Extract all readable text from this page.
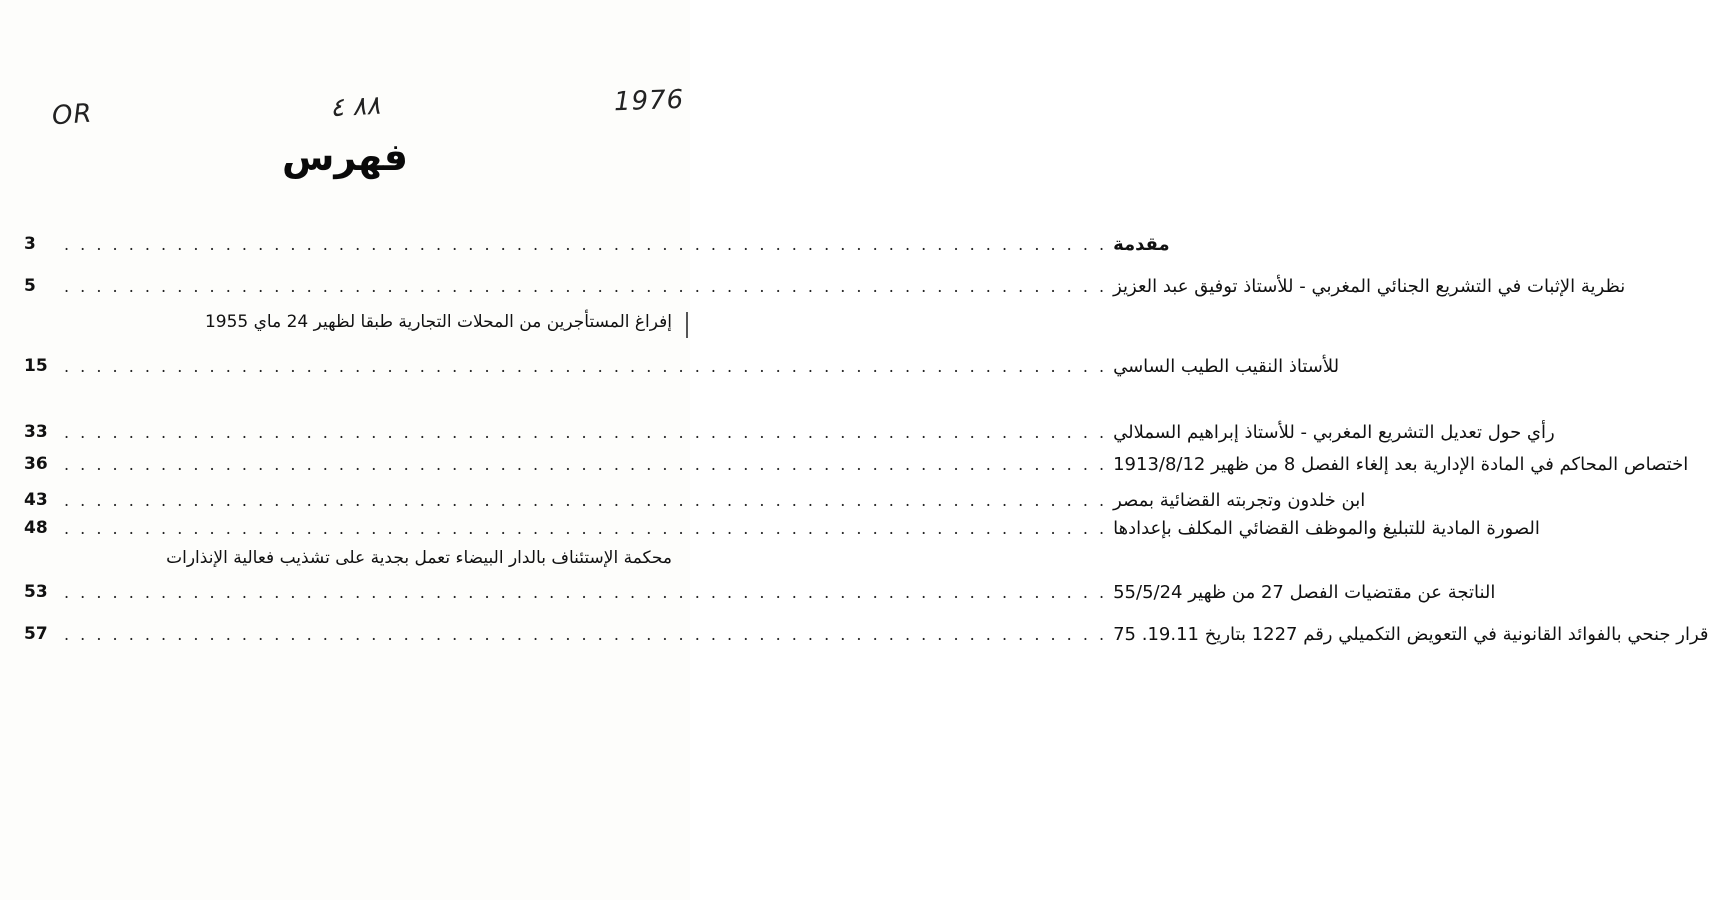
OR	٨٨ ٤	1976
فهرس
3	. . . . . . . . . . . . . . . . . . . . . . . . . . . . . . . . . . . . . . . . . . . . . . . . . . . . . . . . . . . . . . . . . مقدمة
5	. . . . . . . . . . . . . . . . . . . . . . . . . . . . . . . . . . . . . . . . . . . . . . . . . . . . . . . . . . . . . . . . . نظرية الإثبات في التشريع الجنائي المغربي - للأستاذ توفيق عبد العزيز
إفراغ المستأجرين من المحلات التجارية طبقا لظهير 24 ماي 1955
15	. . . . . . . . . . . . . . . . . . . . . . . . . . . . . . . . . . . . . . . . . . . . . . . . . . . . . . . . . . . . . . . . . للأستاذ النقيب الطيب الساسي
33	. . . . . . . . . . . . . . . . . . . . . . . . . . . . . . . . . . . . . . . . . . . . . . . . . . . . . . . . . . . . . . . . . رأي حول تعديل التشريع المغربي - للأستاذ إبراهيم السملالي
36	. . . . . . . . . . . . . . . . . . . . . . . . . . . . . . . . . . . . . . . . . . . . . . . . . . . . . . . . . . . . . . . . . اختصاص المحاكم في المادة الإدارية بعد إلغاء الفصل 8 من ظهير 1913/8/12
43	. . . . . . . . . . . . . . . . . . . . . . . . . . . . . . . . . . . . . . . . . . . . . . . . . . . . . . . . . . . . . . . . . ابن خلدون وتجربته القضائية بمصر
48	. . . . . . . . . . . . . . . . . . . . . . . . . . . . . . . . . . . . . . . . . . . . . . . . . . . . . . . . . . . . . . . . . الصورة المادية للتبليغ والموظف القضائي المكلف بإعدادها
محكمة الإستئناف بالدار البيضاء تعمل بجدية على تشذيب فعالية الإنذارات
53	. . . . . . . . . . . . . . . . . . . . . . . . . . . . . . . . . . . . . . . . . . . . . . . . . . . . . . . . . . . . . . . . . الناتجة عن مقتضيات الفصل 27 من ظهير 55/5/24
57	. . . . . . . . . . . . . . . . . . . . . . . . . . . . . . . . . . . . . . . . . . . . . . . . . . . . . . . . . . . . . . . . . قرار جنحي بالفوائد القانونية في التعويض التكميلي رقم 1227 بتاريخ 19.11. 75
